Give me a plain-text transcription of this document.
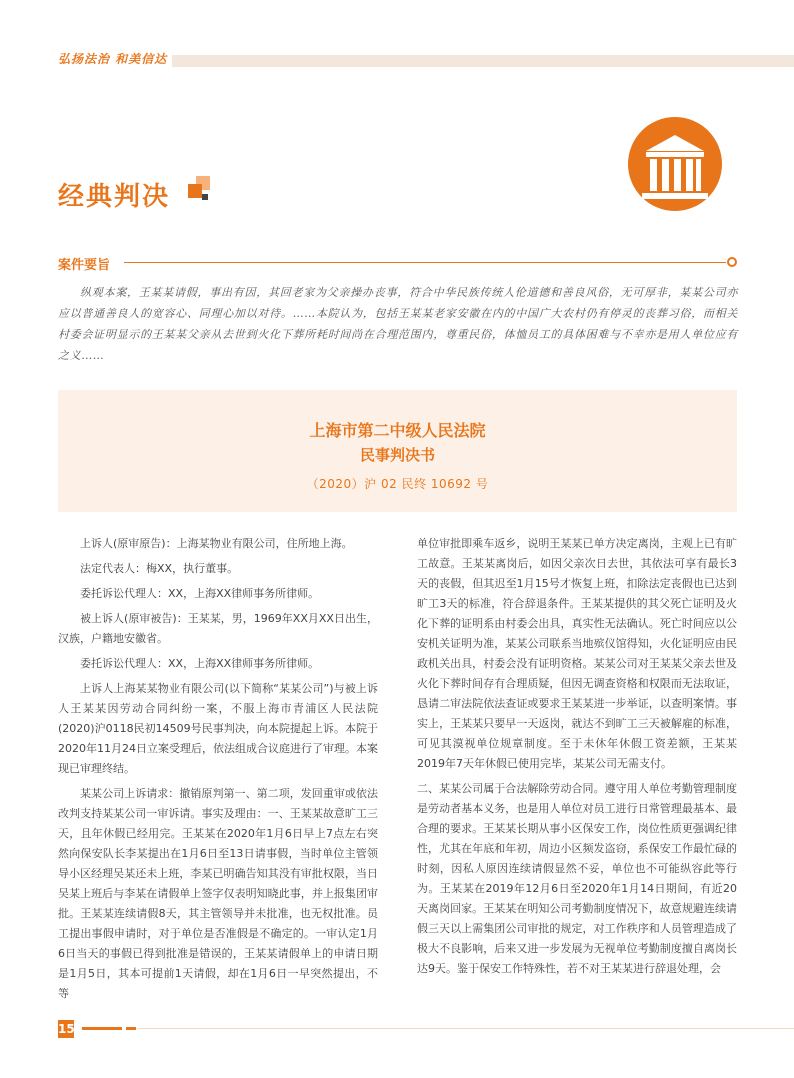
弘扬法治 和美信达
经典判决
案件要旨
纵观本案，王某某请假，事出有因，其回老家为父亲操办丧事，符合中华民族传统人伦道德和善良风俗，无可厚非，某某公司亦应以普通善良人的宽容心、同理心加以对待。……本院认为，包括王某某老家安徽在内的中国广大农村仍有停灵的丧葬习俗，而相关村委会证明显示的王某某父亲从去世到火化下葬所耗时间尚在合理范围内，尊重民俗，体恤员工的具体困难与不幸亦是用人单位应有之义……
上海市第二中级人民法院
民事判决书
（2020）沪 02 民终 10692 号

上诉人(原审原告)：上海某物业有限公司，住所地上海。

法定代表人：梅XX，执行董事。

委托诉讼代理人：XX，上海XX律师事务所律师。

被上诉人(原审被告)：王某某，男，1969年XX月XX日出生，汉族，户籍地安徽省。

委托诉讼代理人：XX，上海XX律师事务所律师。

上诉人上海某某物业有限公司(以下简称“某某公司”)与被上诉人王某某因劳动合同纠纷一案，不服上海市青浦区人民法院(2020)沪0118民初14509号民事判决，向本院提起上诉。本院于2020年11月24日立案受理后，依法组成合议庭进行了审理。本案现已审理终结。

某某公司上诉请求：撤销原判第一、第二项，发回重审或依法改判支持某某公司一审诉请。事实及理由：一、王某某故意旷工三天，且年休假已经用完。王某某在2020年1月6日早上7点左右突然向保安队长李某提出在1月6日至13日请事假，当时单位主管领导小区经理吴某还未上班，李某已明确告知其没有审批权限，当日吴某上班后与李某在请假单上签字仅表明知晓此事，并上报集团审批。王某某连续请假8天，其主管领导并未批准，也无权批准。员工提出事假申请时，对于单位是否准假是不确定的。一审认定1月6日当天的事假已得到批准是错误的，王某某请假单上的申请日期是1月5日，其本可提前1天请假，却在1月6日一早突然提出，不等

单位审批即乘车返乡，说明王某某已单方决定离岗，主观上已有旷工故意。王某某离岗后，如因父亲次日去世，其依法可享有最长3天的丧假，但其迟至1月15号才恢复上班，扣除法定丧假也已达到旷工3天的标准，符合辞退条件。王某某提供的其父死亡证明及火化下葬的证明系由村委会出具，真实性无法确认。死亡时间应以公安机关证明为准，某某公司联系当地殡仪馆得知，火化证明应由民政机关出具，村委会没有证明资格。某某公司对王某某父亲去世及火化下葬时间存有合理质疑，但因无调查资格和权限而无法取证，恳请二审法院依法查证或要求王某某进一步举证，以查明案情。事实上，王某某只要早一天返岗，就达不到旷工三天被解雇的标准，可见其漠视单位规章制度。至于未休年休假工资差额，王某某2019年7天年休假已使用完毕，某某公司无需支付。

二、某某公司属于合法解除劳动合同。遵守用人单位考勤管理制度是劳动者基本义务，也是用人单位对员工进行日常管理最基本、最合理的要求。王某某长期从事小区保安工作，岗位性质更强调纪律性，尤其在年底和年初，周边小区频发盗窃，系保安工作最忙碌的时刻，因私人原因连续请假显然不妥，单位也不可能纵容此等行为。王某某在2019年12月6日至2020年1月14日期间，有近20天离岗回家。王某某在明知公司考勤制度情况下，故意规避连续请假三天以上需集团公司审批的规定，对工作秩序和人员管理造成了极大不良影响，后来又进一步发展为无视单位考勤制度擅自离岗长达9天。鉴于保安工作特殊性，若不对王某某进行辞退处理，会

15
